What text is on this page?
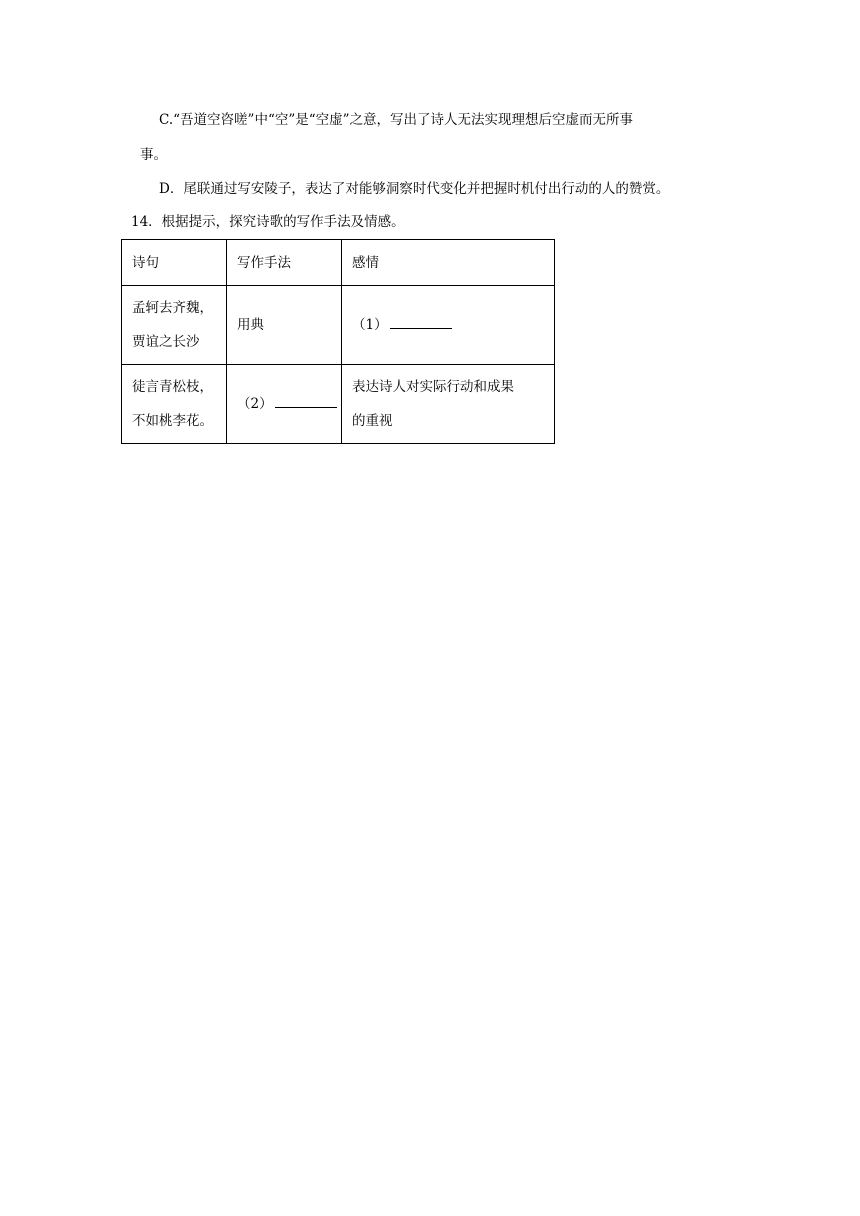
C.“吾道空咨嗟”中“空”是“空虚”之意，写出了诗人无法实现理想后空虚而无所事
事。
D．尾联通过写安陵子，表达了对能够洞察时代变化并把握时机付出行动的人的赞赏。
14．根据提示，探究诗歌的写作手法及情感。
诗句	写作手法	感情

孟轲去齐魏，
贾谊之长沙	用典	（1）

徒言青松枝，
不如桃李花。	（2）	表达诗人对实际行动和成果
的重视
